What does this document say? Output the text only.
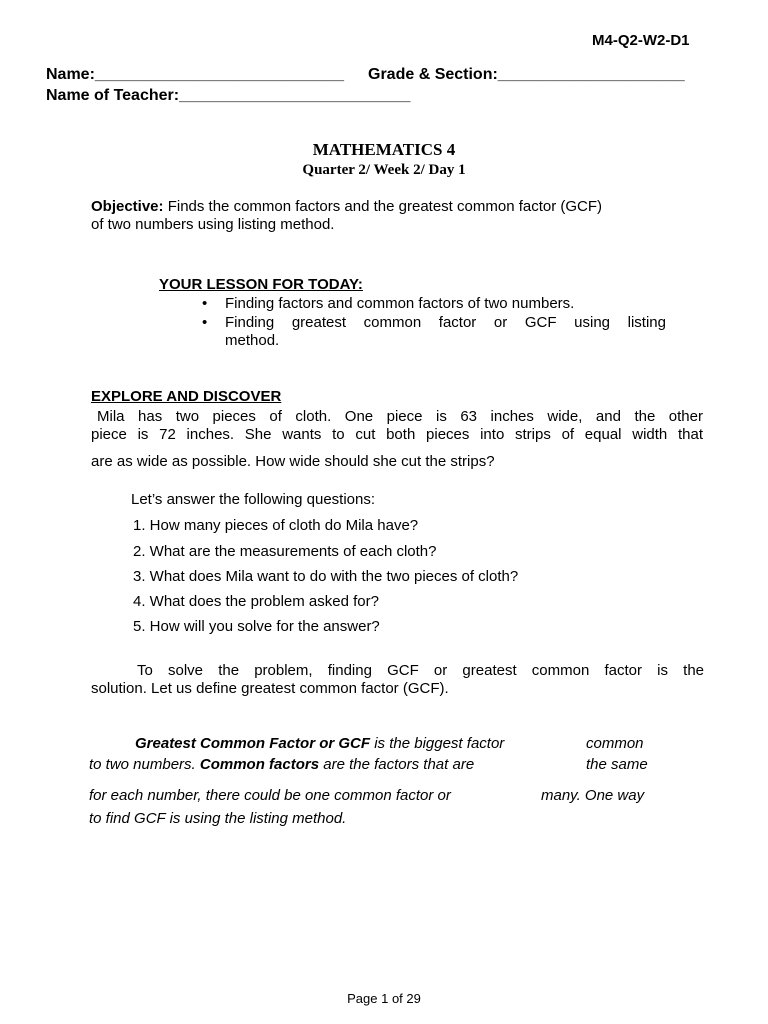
M4-Q2-W2-D1
Name:____________________________ Grade & Section:_____________________
Name of Teacher:__________________________
MATHEMATICS 4
Quarter 2/ Week 2/ Day 1
Objective: Finds the common factors and the greatest common factor (GCF)
of two numbers using listing method.
YOUR LESSON FOR TODAY:
• Finding factors and common factors of two numbers.
• Finding greatest common factor or GCF using listing
method.
EXPLORE AND DISCOVER
Mila has two pieces of cloth. One piece is 63 inches wide, and the other
piece is 72 inches. She wants to cut both pieces into strips of equal width that
are as wide as possible. How wide should she cut the strips?
Let’s answer the following questions:
1. How many pieces of cloth do Mila have?
2. What are the measurements of each cloth?
3. What does Mila want to do with the two pieces of cloth?
4. What does the problem asked for?
5. How will you solve for the answer?
To solve the problem, finding GCF or greatest common factor is the
solution. Let us define greatest common factor (GCF).
Greatest Common Factor or GCF is the biggest factor	common
to two numbers. Common factors are the factors that are	the same
for each number, there could be one common factor or	many. One way
to find GCF is using the listing method.
Page 1 of 29
